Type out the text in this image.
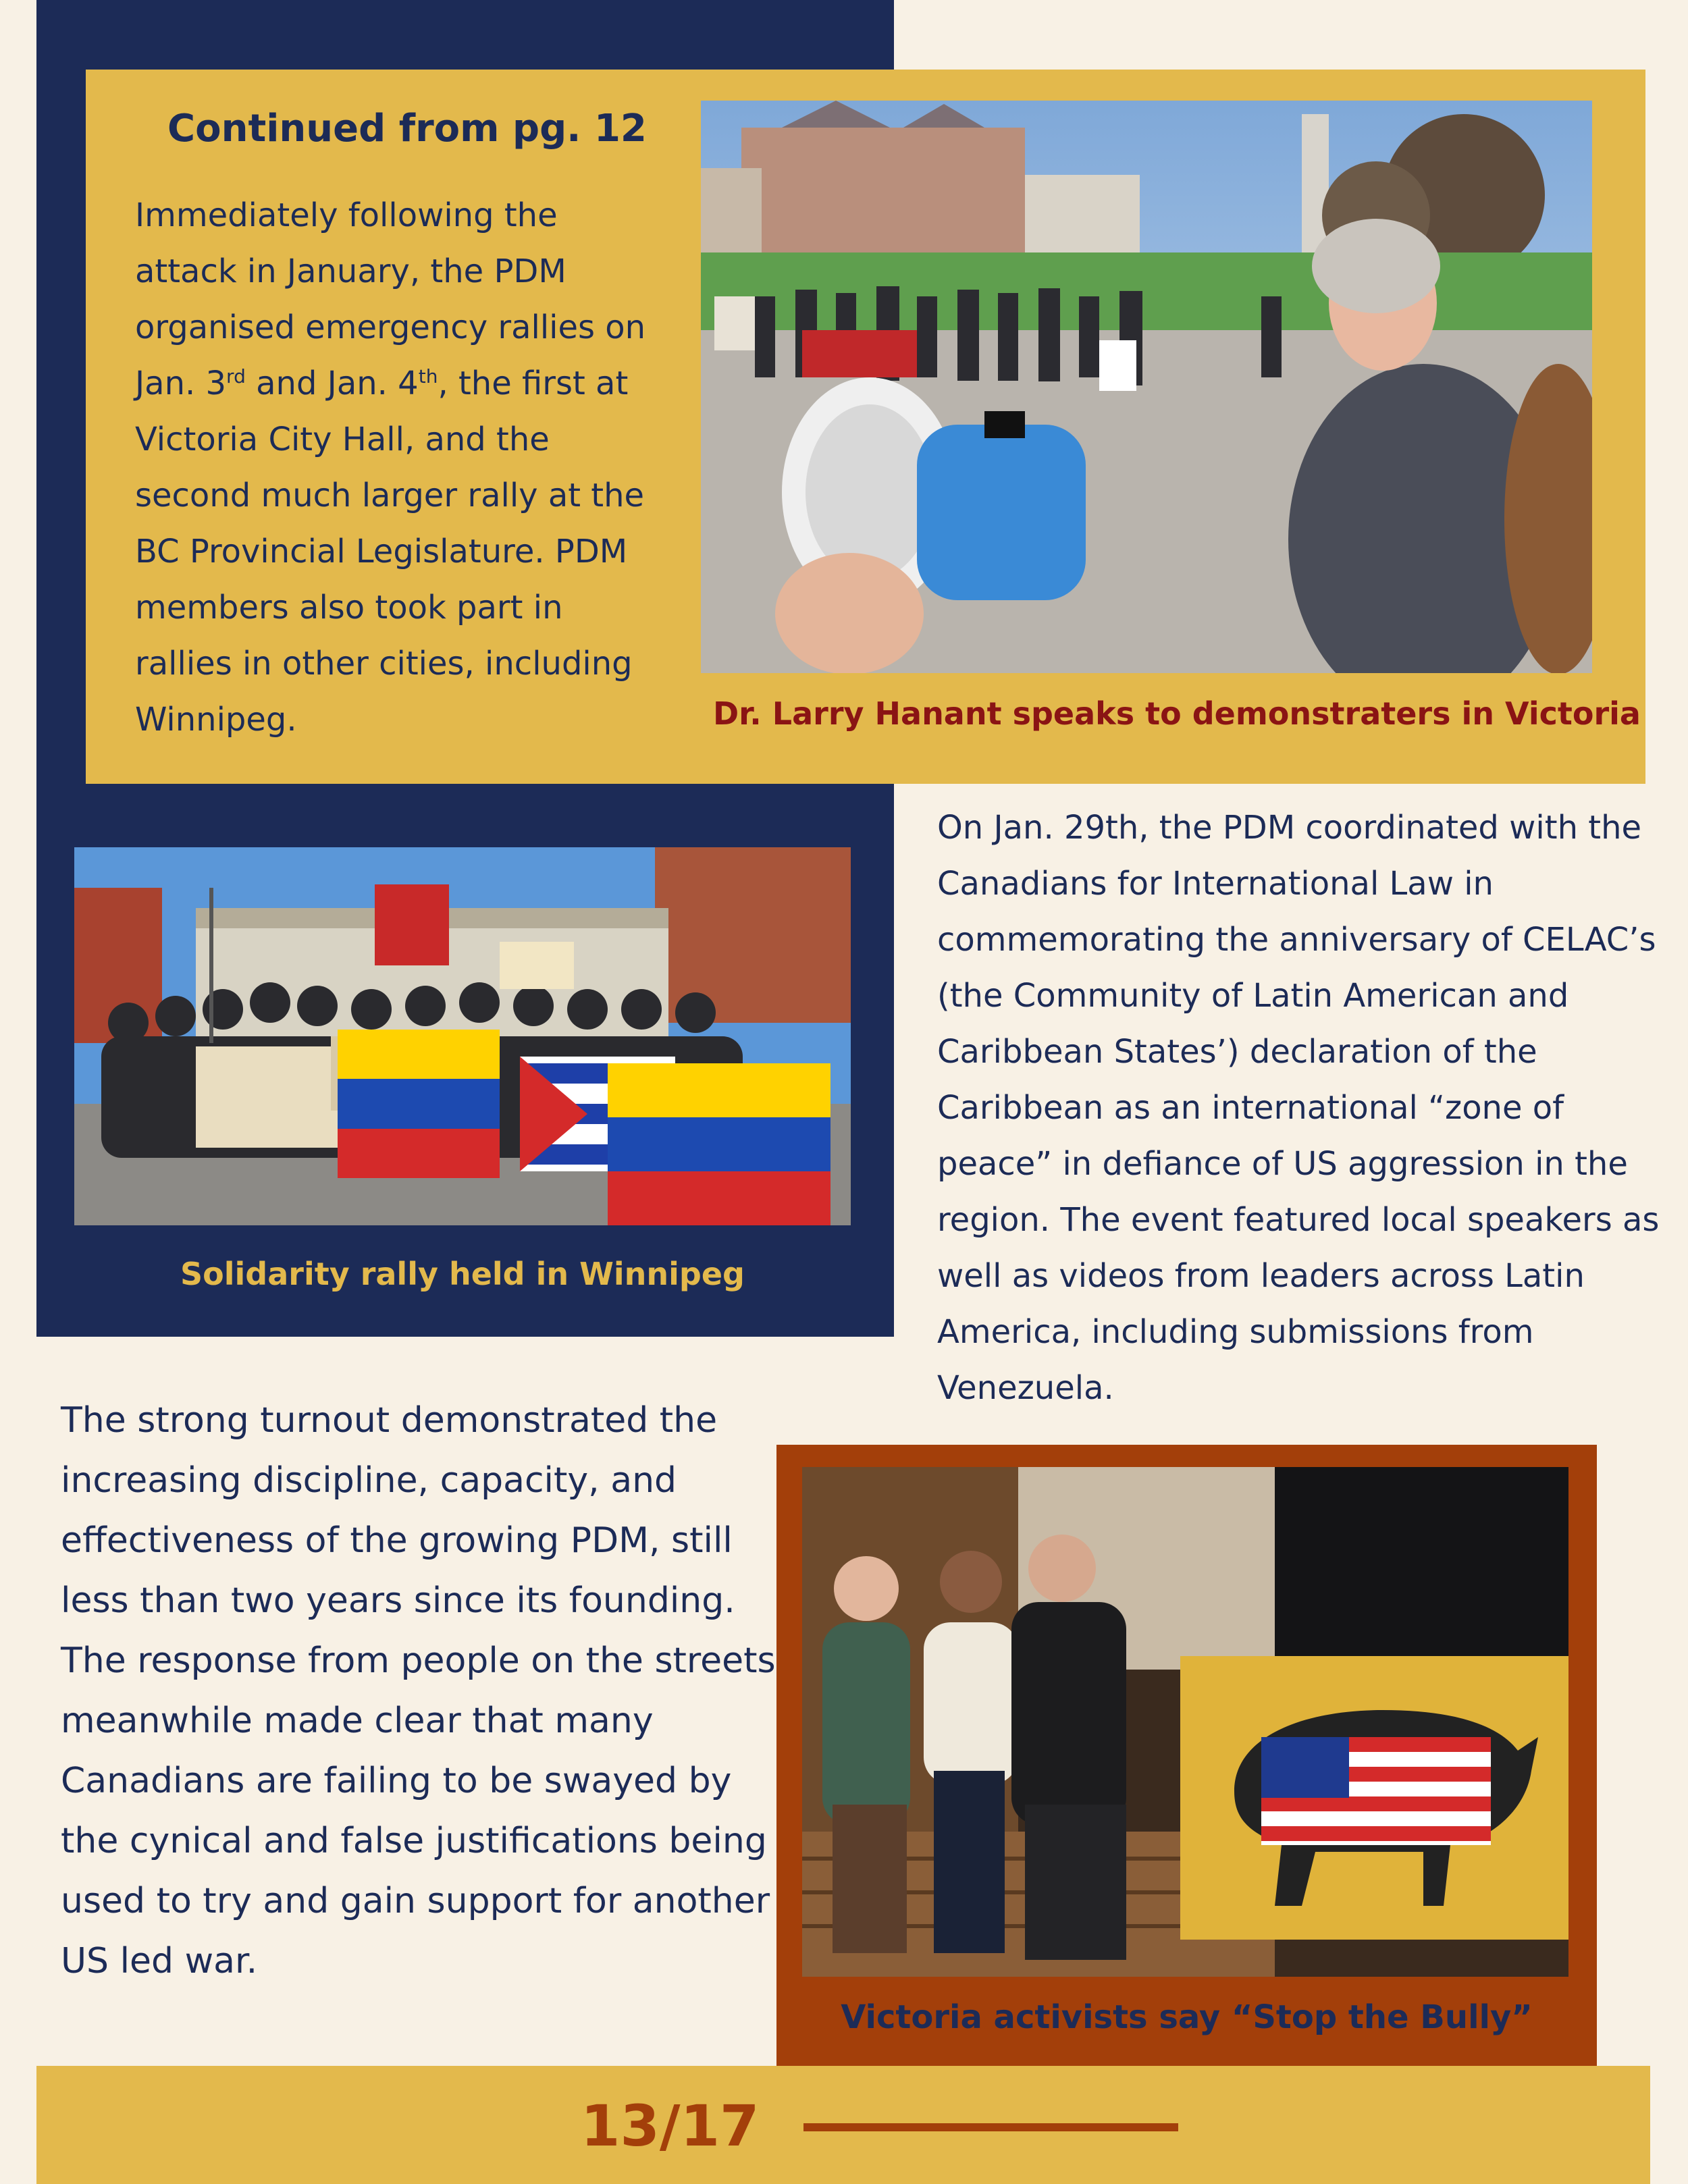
Continued from pg. 12

Immediately following the attack in January, the PDM organised emergency rallies on Jan. 3rd and Jan. 4th, the first at Victoria City Hall, and the second much larger rally at the BC Provincial Legislature. PDM members also took part in rallies in other cities, including Winnipeg.	Dr. Larry Hanant speaks to demonstraters in Victoria
Solidarity rally held in Winnipeg

On Jan. 29th, the PDM coordinated with the Canadians for International Law in commemorating the anniversary of CELAC’s (the Community of Latin American and Caribbean States’) declaration of the Caribbean as an international “zone of peace” in defiance of US aggression in the region. The event featured local speakers as well as videos from leaders across Latin America, including submissions from Venezuela.

The strong turnout demonstrated the increasing discipline, capacity, and effectiveness of the growing PDM, still less than two years since its founding. The response from people on the streets meanwhile made clear that many Canadians are failing to be swayed by the cynical and false justifications being used to try and gain support for another US led war.

Victoria activists say “Stop the Bully”
13/17
